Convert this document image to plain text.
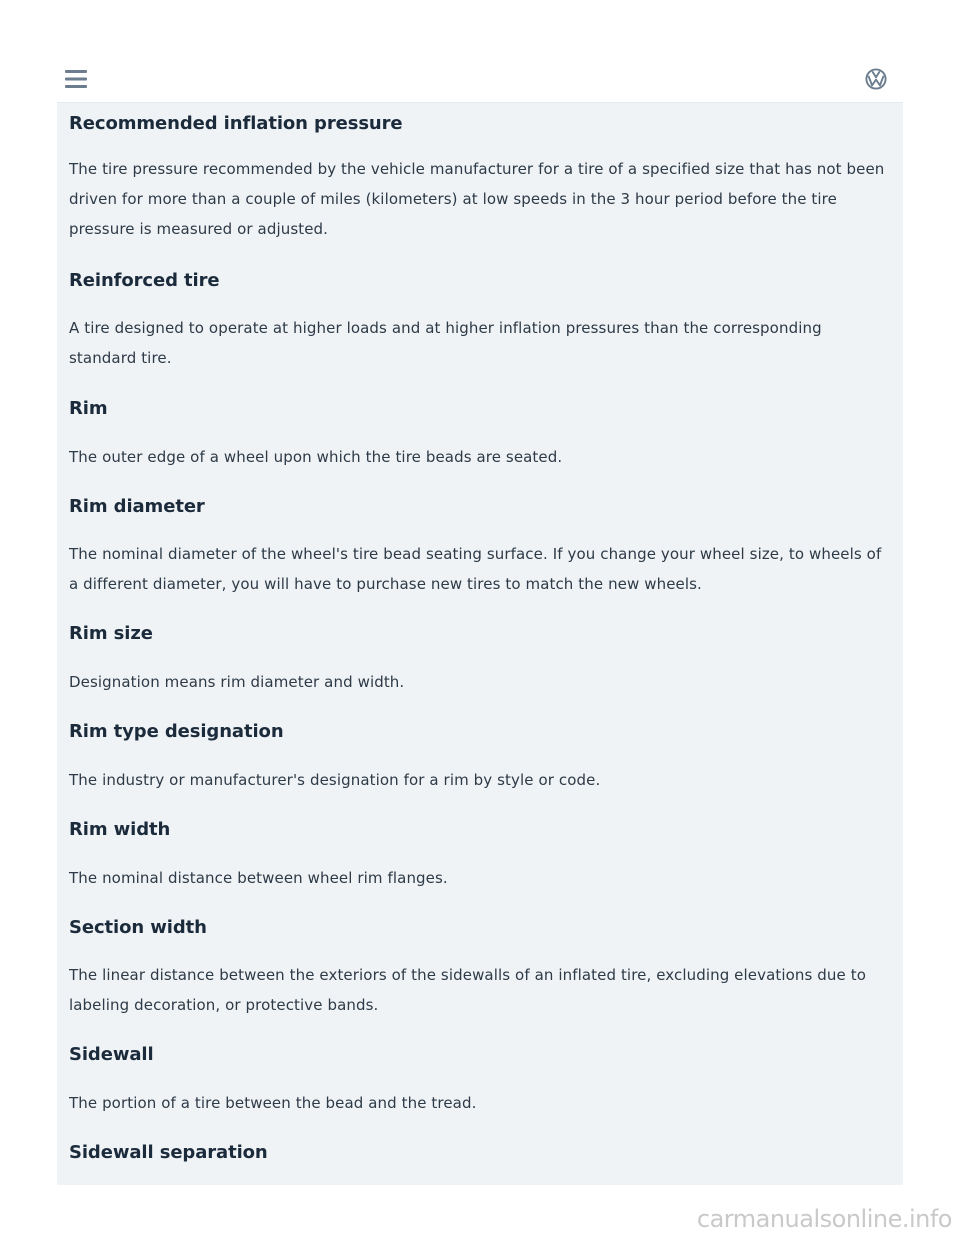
Recommended inflation pressure

The tire pressure recommended by the vehicle manufacturer for a tire of a specified size that has not been driven for more than a couple of miles (kilometers) at low speeds in the 3 hour period before the tire pressure is measured or adjusted.

Reinforced tire

A tire designed to operate at higher loads and at higher inflation pressures than the corresponding standard tire.

Rim

The outer edge of a wheel upon which the tire beads are seated.

Rim diameter

The nominal diameter of the wheel's tire bead seating surface. If you change your wheel size, to wheels of a different diameter, you will have to purchase new tires to match the new wheels.

Rim size

Designation means rim diameter and width.

Rim type designation

The industry or manufacturer's designation for a rim by style or code.

Rim width

The nominal distance between wheel rim flanges.

Section width

The linear distance between the exteriors of the sidewalls of an inflated tire, excluding elevations due to labeling decoration, or protective bands.

Sidewall

The portion of a tire between the bead and the tread.

Sidewall separation
carmanualsonline.info
